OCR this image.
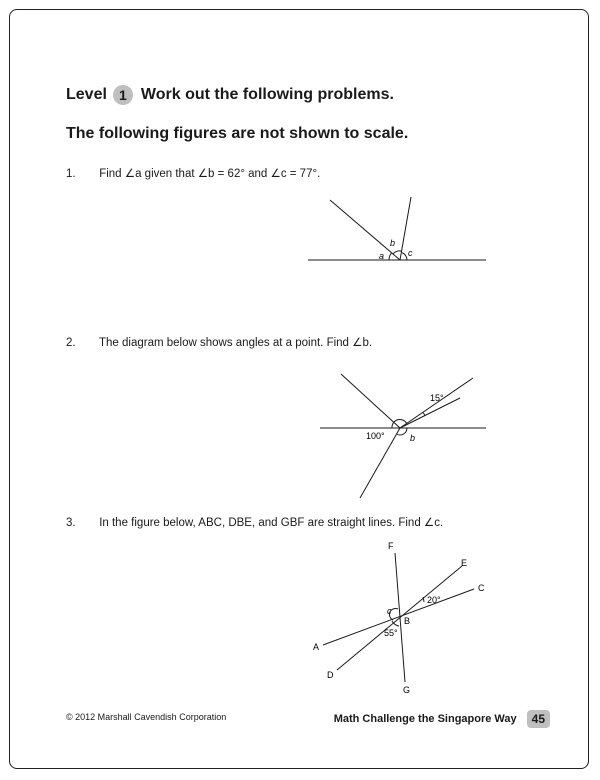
Level 1 Work out the following problems.
The following figures are not shown to scale.
1. Find ∠a given that ∠b = 62° and ∠c = 77°.
a
b
c
2. The diagram below shows angles at a point. Find ∠b.
15°
100°	b
3. In the figure below, ABC, DBE, and GBF are straight lines. Find ∠c.
F
E
C
A
D
G
B
c
20°
55°
© 2012 Marshall Cavendish Corporation	Math Challenge the Singapore Way	45
